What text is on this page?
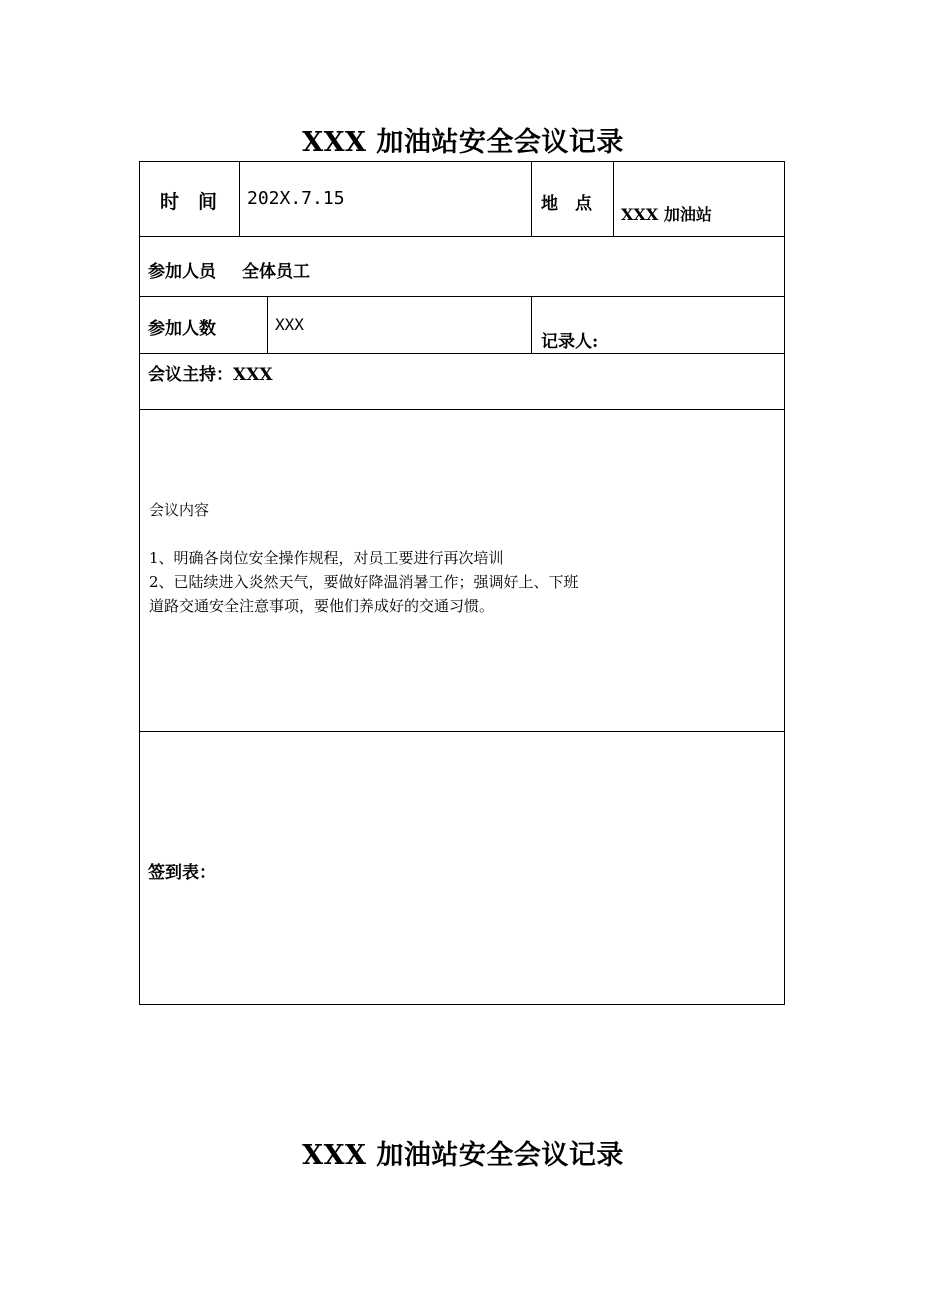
XXX 加油站安全会议记录
时　间 202X.7.15	地　点
XXX 加油站
参加人员 全体员工
参加人数	XXX
记录人:
会议主持：XXX
会议内容
1、明确各岗位安全操作规程，对员工要进行再次培训
2、已陆续进入炎然天气，要做好降温消暑工作；强调好上、下班
道路交通安全注意事项，要他们养成好的交通习惯。
签到表：
XXX 加油站安全会议记录
